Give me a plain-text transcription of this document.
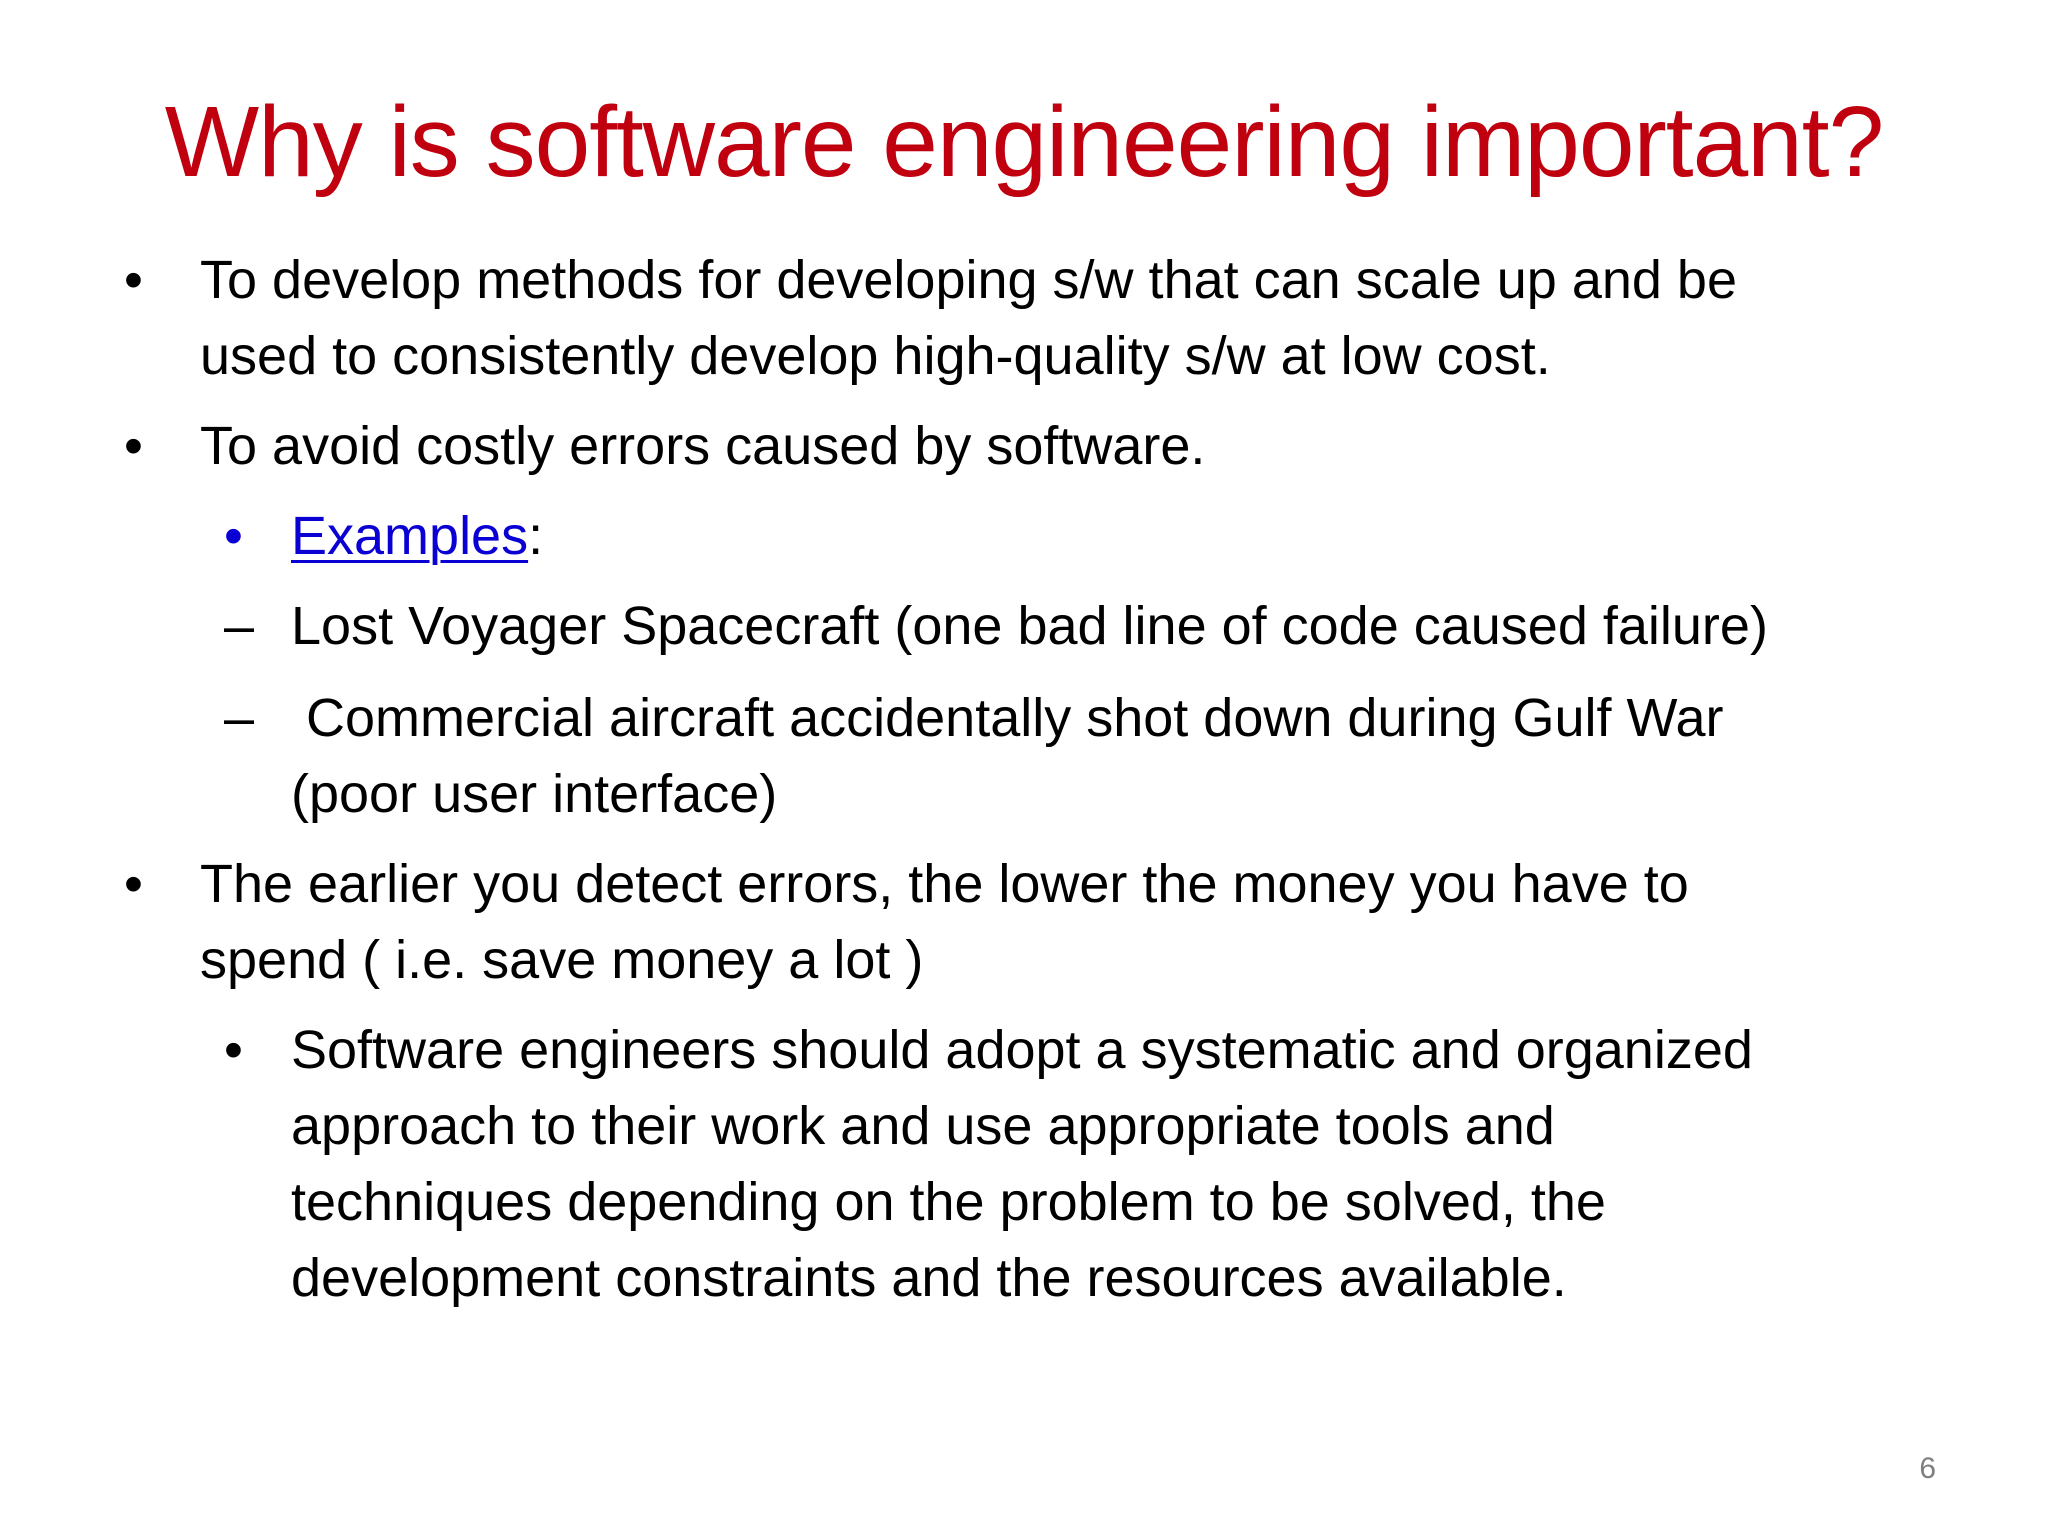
Why is software engineering important?
• To develop methods for developing s/w that can scale up and be
used to consistently develop high-quality s/w at low cost.
• To avoid costly errors caused by software.
• Examples:
– Lost Voyager Spacecraft (one bad line of code caused failure)
– Commercial aircraft accidentally shot down during Gulf War
(poor user interface)
• The earlier you detect errors, the lower the money you have to
spend ( i.e. save money a lot )
• Software engineers should adopt a systematic and organized
approach to their work and use appropriate tools and
techniques depending on the problem to be solved, the
development constraints and the resources available.
6
